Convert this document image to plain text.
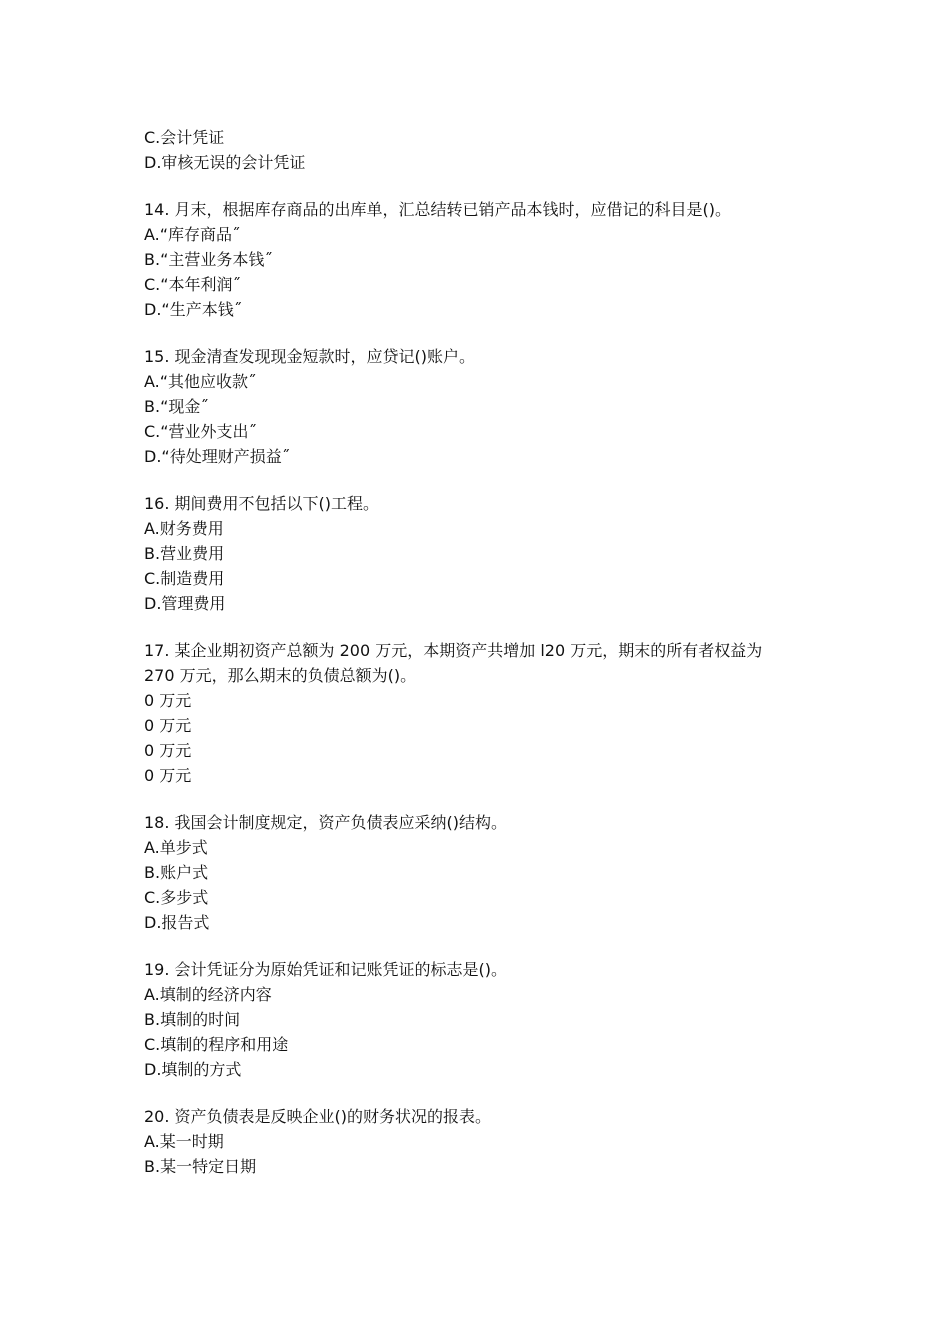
C.会计凭证
D.审核无误的会计凭证
14. 月末，根据库存商品的出库单，汇总结转已销产品本钱时，应借记的科目是()。
A.“库存商品˝
B.“主营业务本钱˝
C.“本年利润˝
D.“生产本钱˝
15. 现金清查发现现金短款时，应贷记()账户。
A.“其他应收款˝
B.“现金˝
C.“营业外支出˝
D.“待处理财产损益˝
16. 期间费用不包括以下()工程。
A.财务费用
B.营业费用
C.制造费用
D.管理费用
17. 某企业期初资产总额为 200 万元，本期资产共增加 l20 万元，期末的所有者权益为
270 万元，那么期末的负债总额为()。
0 万元
0 万元
0 万元
0 万元
18. 我国会计制度规定，资产负债表应采纳()结构。
A.单步式
B.账户式
C.多步式
D.报告式
19. 会计凭证分为原始凭证和记账凭证的标志是()。
A.填制的经济内容
B.填制的时间
C.填制的程序和用途
D.填制的方式
20. 资产负债表是反映企业()的财务状况的报表。
A.某一时期
B.某一特定日期
